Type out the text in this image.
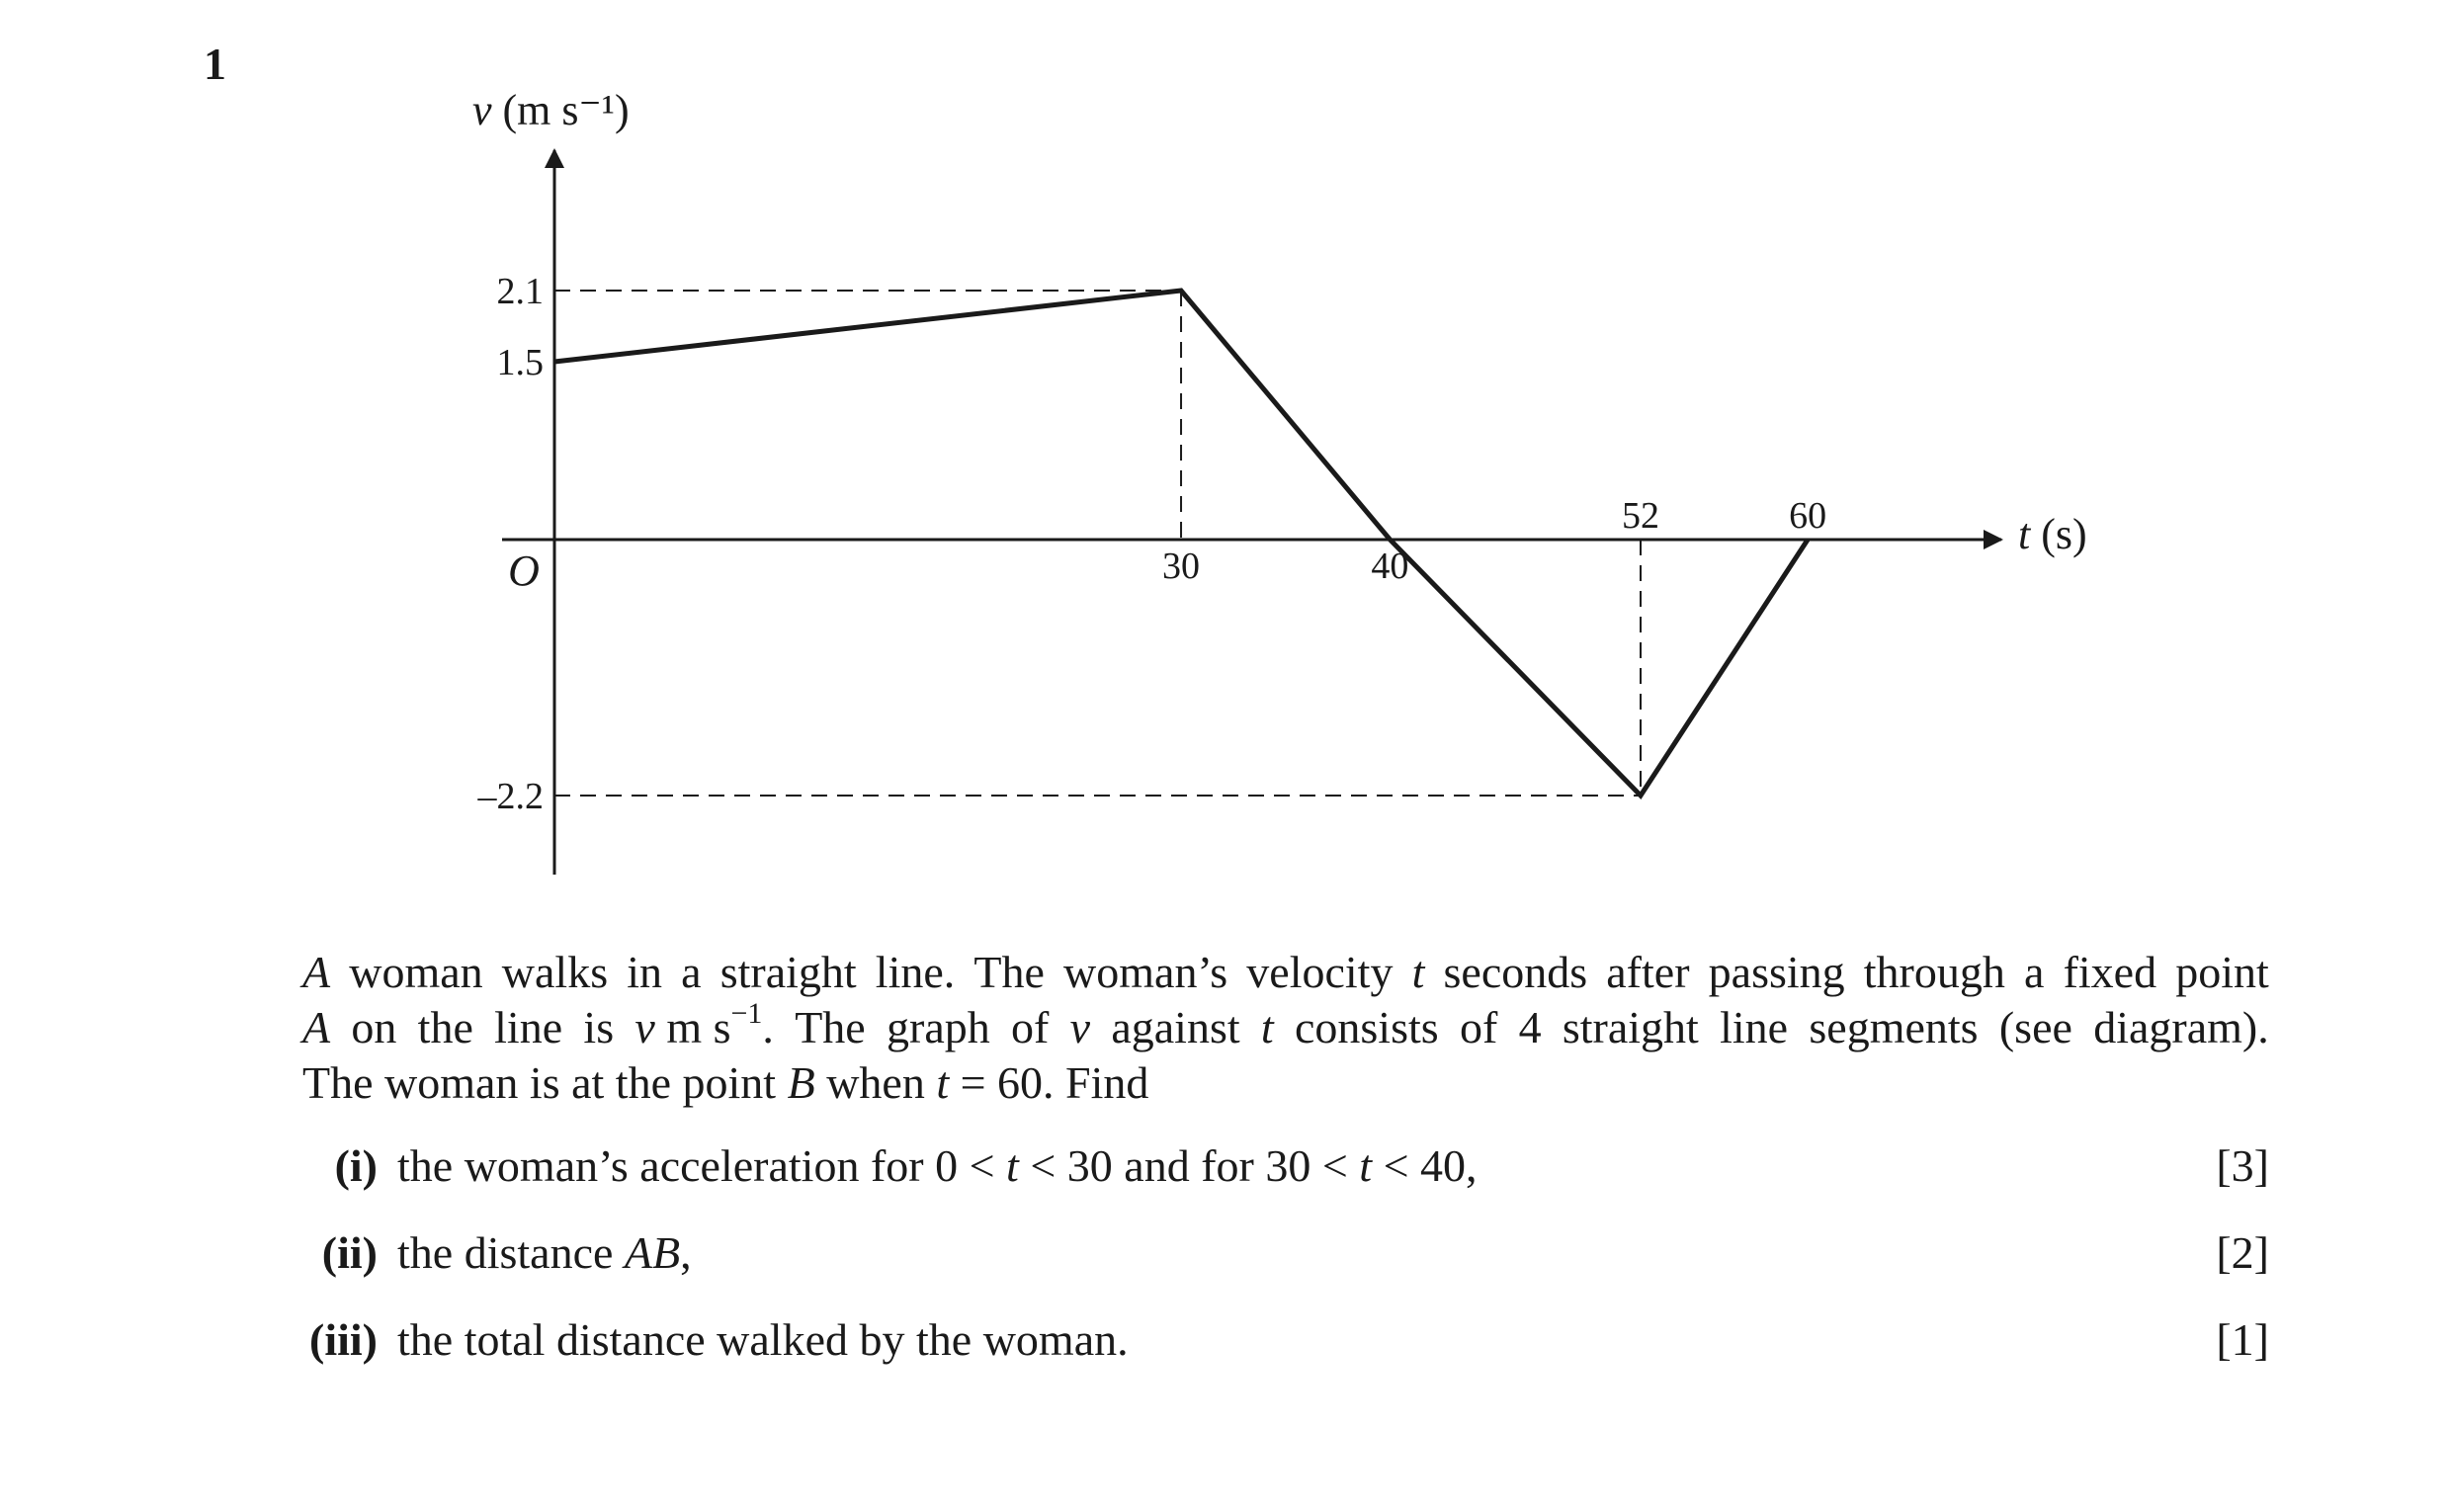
1
v (m s⁻¹)
t (s)
O
2.1
1.5
–2.2
30	40
52	60
A woman walks in a straight line. The woman’s velocity t seconds after passing through a fixed point
A on the line is v m $s^{-1}$. The graph of v against t consists of 4 straight line segments (see diagram).
The woman is at the point B when t = 60. Find
(i) the woman’s acceleration for 0 < t < 30 and for 30 < t < 40,	[3]
(ii) the distance AB,	[2]
(iii) the total distance walked by the woman.	[1]
